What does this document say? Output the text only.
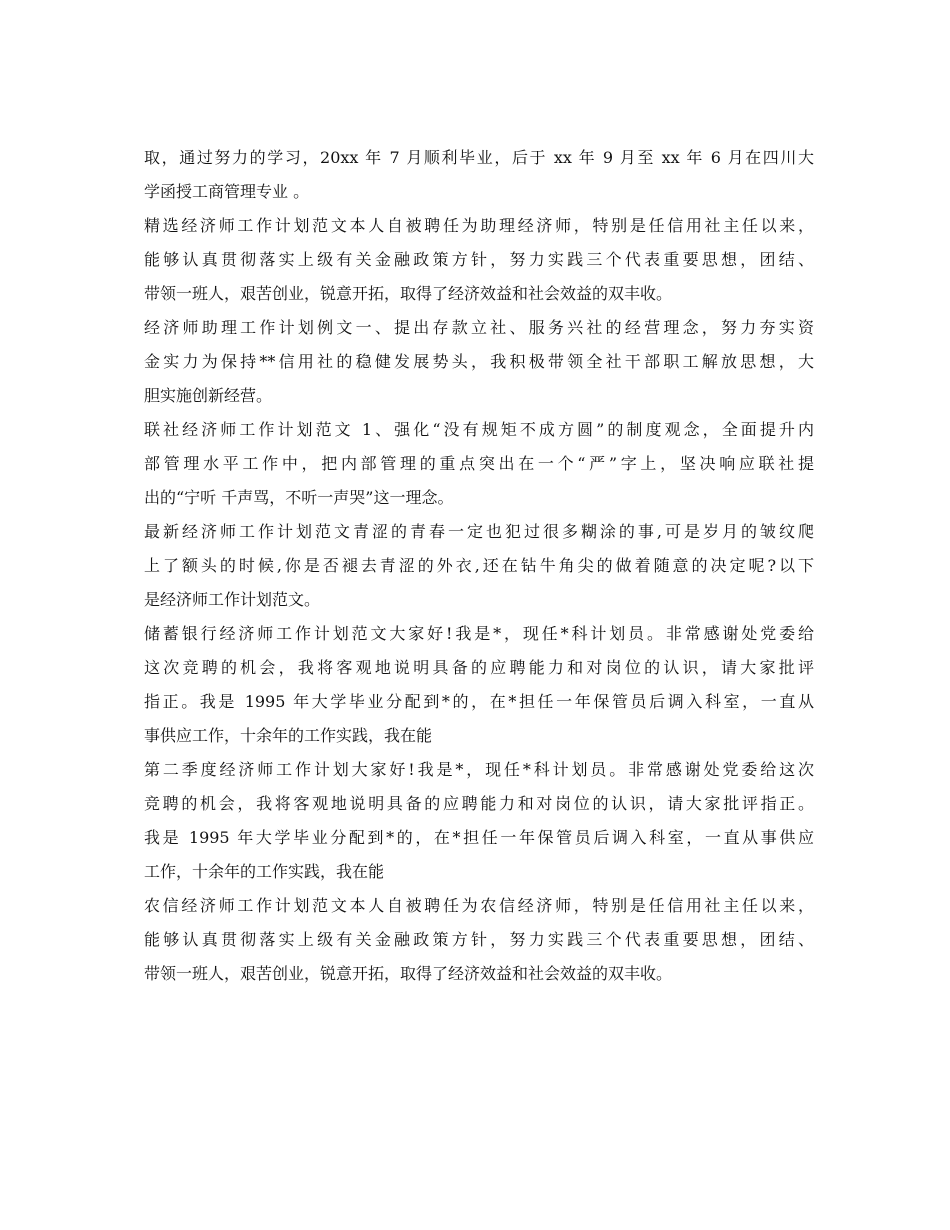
取，通过努力的学习，20xx 年 7 月顺利毕业，后于 xx 年 9 月至 xx 年 6 月在四川大
学函授工商管理专业 。
精选经济师工作计划范文本人自被聘任为助理经济师，特别是任信用社主任以来，
能够认真贯彻落实上级有关金融政策方针，努力实践三个代表重要思想，团结、
带领一班人，艰苦创业，锐意开拓，取得了经济效益和社会效益的双丰收。
经济师助理工作计划例文一、提出存款立社、服务兴社的经营理念，努力夯实资
金实力为保持**信用社的稳健发展势头，我积极带领全社干部职工解放思想，大
胆实施创新经营。
联社经济师工作计划范文 1、强化“没有规矩不成方圆”的制度观念，全面提升内
部管理水平工作中，把内部管理的重点突出在一个“严”字上，坚决响应联社提
出的“宁听 千声骂，不听一声哭”这一理念。
最新经济师工作计划范文青涩的青春一定也犯过很多糊涂的事,可是岁月的皱纹爬
上了额头的时候,你是否褪去青涩的外衣,还在钻牛角尖的做着随意的决定呢?以下
是经济师工作计划范文。
储蓄银行经济师工作计划范文大家好!我是*，现任*科计划员。非常感谢处党委给
这次竞聘的机会，我将客观地说明具备的应聘能力和对岗位的认识，请大家批评
指正。我是 1995 年大学毕业分配到*的，在*担任一年保管员后调入科室，一直从
事供应工作，十余年的工作实践，我在能
第二季度经济师工作计划大家好!我是*，现任*科计划员。非常感谢处党委给这次
竞聘的机会，我将客观地说明具备的应聘能力和对岗位的认识，请大家批评指正。
我是 1995 年大学毕业分配到*的，在*担任一年保管员后调入科室，一直从事供应
工作，十余年的工作实践，我在能
农信经济师工作计划范文本人自被聘任为农信经济师，特别是任信用社主任以来，
能够认真贯彻落实上级有关金融政策方针，努力实践三个代表重要思想，团结、
带领一班人，艰苦创业，锐意开拓，取得了经济效益和社会效益的双丰收。
